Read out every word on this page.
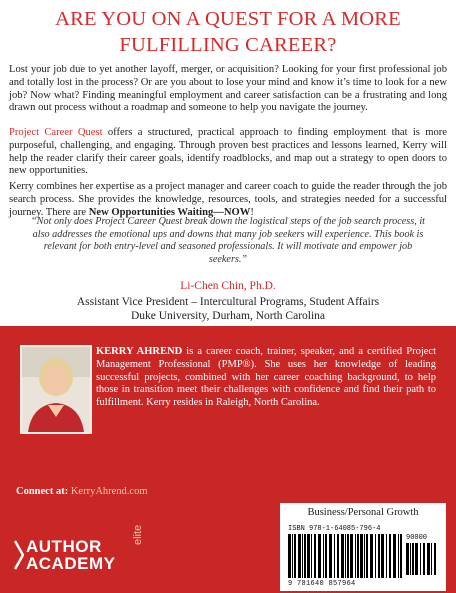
ARE YOU ON A QUEST FOR A MORE FULFILLING CAREER?

Lost your job due to yet another layoff, merger, or acquisition? Looking for your first professional job and totally lost in the process? Or are you about to lose your mind and know it’s time to look for a new job? Now what? Finding meaningful employment and career satisfaction can be a frustrating and long drawn out process without a roadmap and someone to help you navigate the journey.

Project Career Quest offers a structured, practical approach to finding employment that is more purposeful, challenging, and engaging. Through proven best practices and lessons learned, Kerry will help the reader clarify their career goals, identify roadblocks, and map out a strategy to open doors to new opportunities.

Kerry combines her expertise as a project manager and career coach to guide the reader through the job search process. She provides the knowledge, resources, tools, and strategies needed for a successful journey. There are New Opportunities Waiting—NOW!

“Not only does Project Career Quest break down the logistical steps of the job search process, it also addresses the emotional ups and downs that many job seekers will experience. This book is relevant for both entry-level and seasoned professionals. It will motivate and empower job seekers.”
Li-Chen Chin, Ph.D.
Assistant Vice President – Intercultural Programs, Student Affairs
Duke University, Durham, North Carolina
KERRY AHREND is a career coach, trainer, speaker, and a certified Project Management Professional (PMP®). She uses her knowledge of leading successful projects, combined with her career coaching background, to help those in transition meet their challenges with confidence and find their path to fulfillment. Kerry resides in Raleigh, North Carolina.
Connect at: KerryAhrend.com
AUTHOR
ACADEMY
elite
Business/Personal Growth
ISBN 978-1-64085-796-4
90000
9 781640 857964
